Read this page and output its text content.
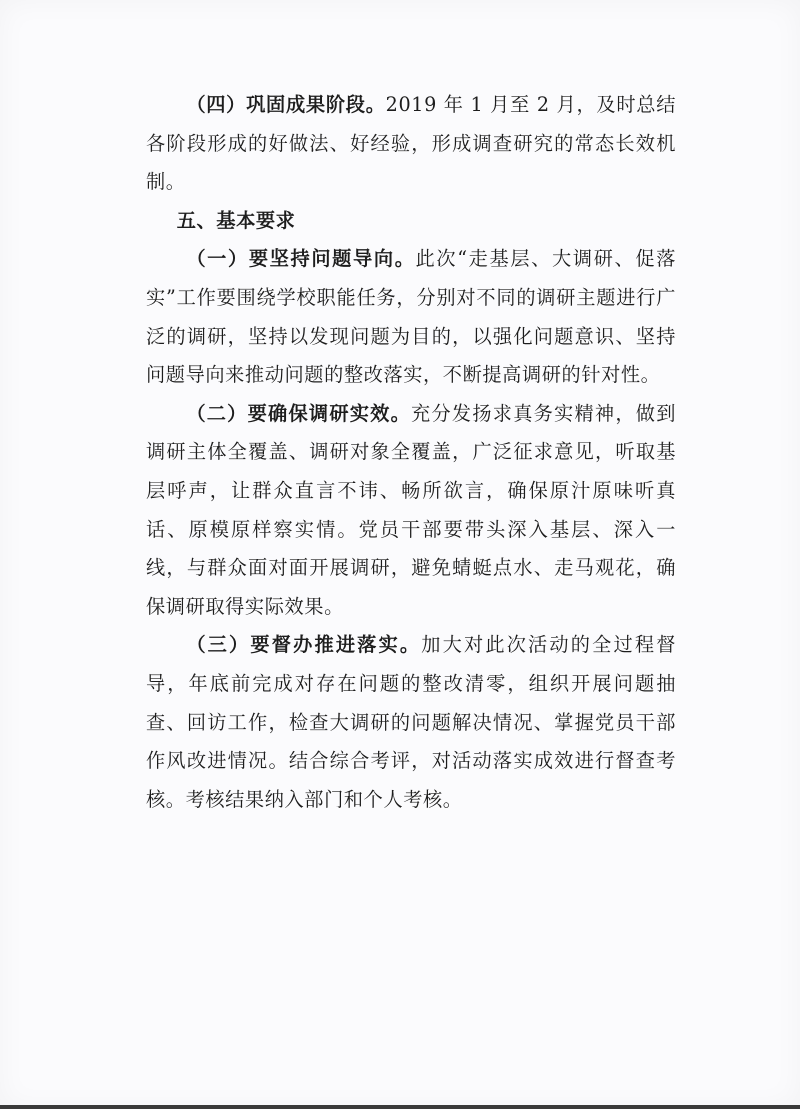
（四）巩固成果阶段。2019 年 1 月至 2 月，及时总结各阶段形成的好做法、好经验，形成调查研究的常态长效机制。

五、基本要求

（一）要坚持问题导向。此次“走基层、大调研、促落实”工作要围绕学校职能任务，分别对不同的调研主题进行广泛的调研，坚持以发现问题为目的，以强化问题意识、坚持问题导向来推动问题的整改落实，不断提高调研的针对性。

（二）要确保调研实效。充分发扬求真务实精神，做到调研主体全覆盖、调研对象全覆盖，广泛征求意见，听取基层呼声，让群众直言不讳、畅所欲言，确保原汁原味听真话、原模原样察实情。党员干部要带头深入基层、深入一线，与群众面对面开展调研，避免蜻蜓点水、走马观花，确保调研取得实际效果。

（三）要督办推进落实。加大对此次活动的全过程督导，年底前完成对存在问题的整改清零，组织开展问题抽查、回访工作，检查大调研的问题解决情况、掌握党员干部作风改进情况。结合综合考评，对活动落实成效进行督查考核。考核结果纳入部门和个人考核。
